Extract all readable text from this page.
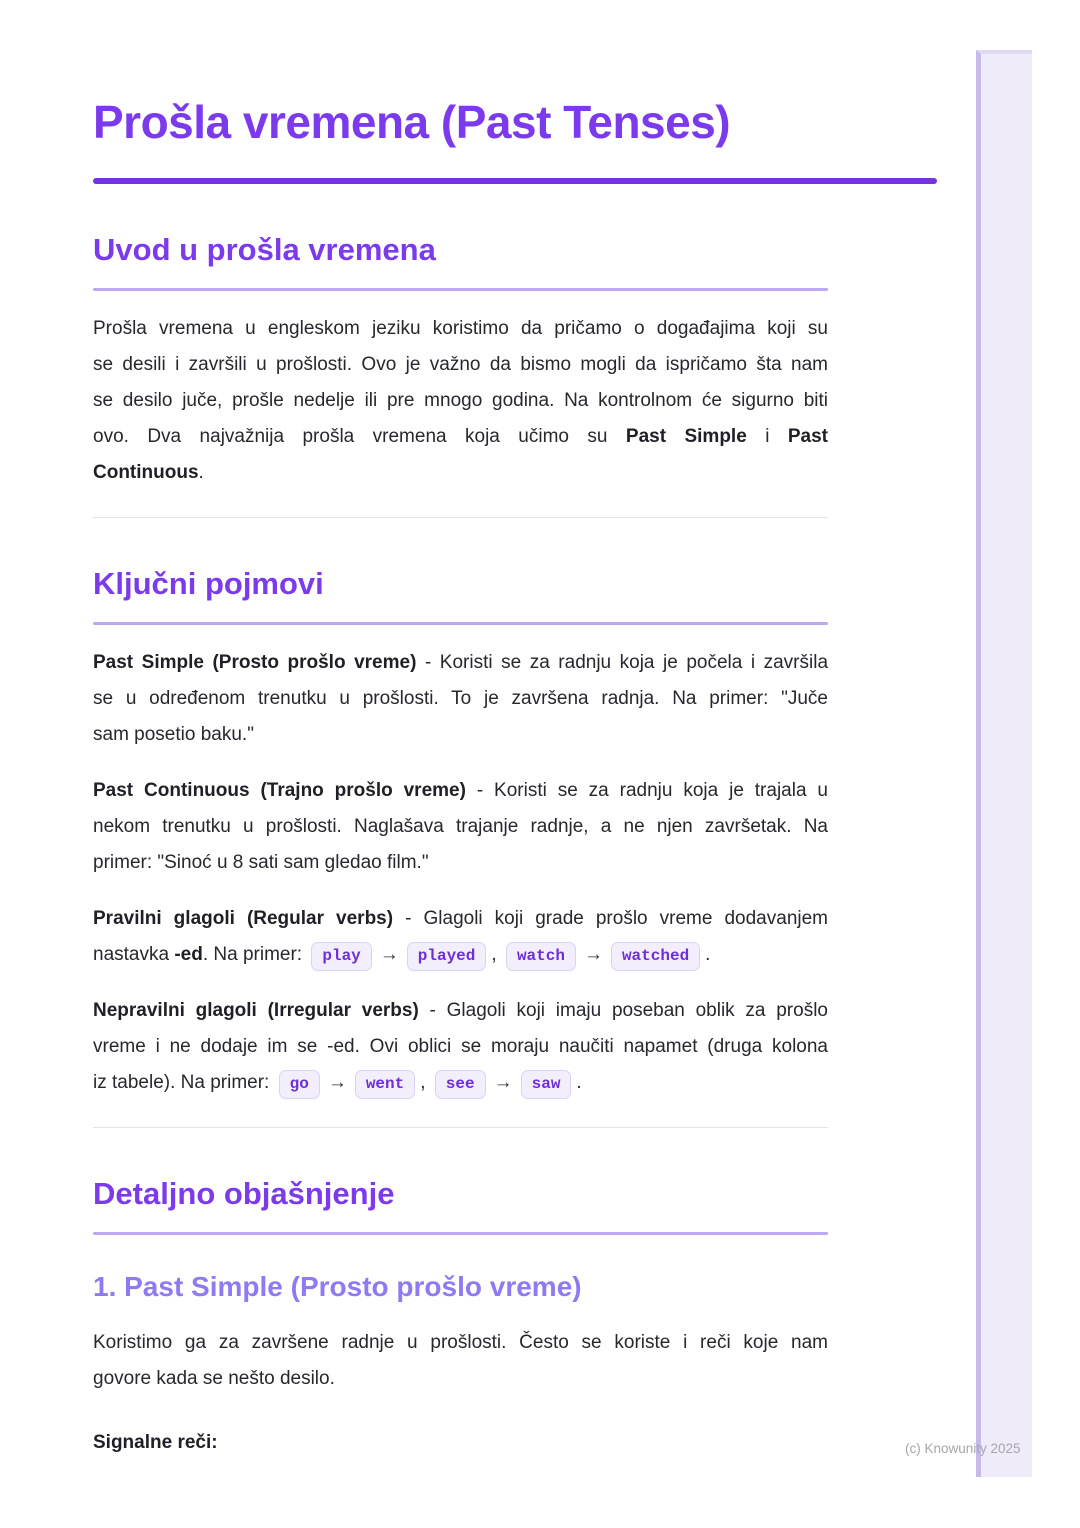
(c) Knowunity 2025
Prošla vremena (Past Tenses)
Uvod u prošla vremena
Prošla vremena u engleskom jeziku koristimo da pričamo o događajima koji su
se desili i završili u prošlosti. Ovo je važno da bismo mogli da ispričamo šta nam
se desilo juče, prošle nedelje ili pre mnogo godina. Na kontrolnom će sigurno biti
ovo. Dva najvažnija prošla vremena koja učimo su Past Simple i Past
Continuous.
Ključni pojmovi
Past Simple (Prosto prošlo vreme) - Koristi se za radnju koja je počela i završila
se u određenom trenutku u prošlosti. To je završena radnja. Na primer: "Juče
sam posetio baku."
Past Continuous (Trajno prošlo vreme) - Koristi se za radnju koja je trajala u
nekom trenutku u prošlosti. Naglašava trajanje radnje, a ne njen završetak. Na
primer: "Sinoć u 8 sati sam gledao film."
Pravilni glagoli (Regular verbs) - Glagoli koji grade prošlo vreme dodavanjem
nastavka -ed. Na primer: play → played , watch → watched .
Nepravilni glagoli (Irregular verbs) - Glagoli koji imaju poseban oblik za prošlo
vreme i ne dodaje im se -ed. Ovi oblici se moraju naučiti napamet (druga kolona
iz tabele). Na primer: go → went , see → saw .
Detaljno objašnjenje
1. Past Simple (Prosto prošlo vreme)
Koristimo ga za završene radnje u prošlosti. Često se koriste i reči koje nam
govore kada se nešto desilo.
Signalne reči:
